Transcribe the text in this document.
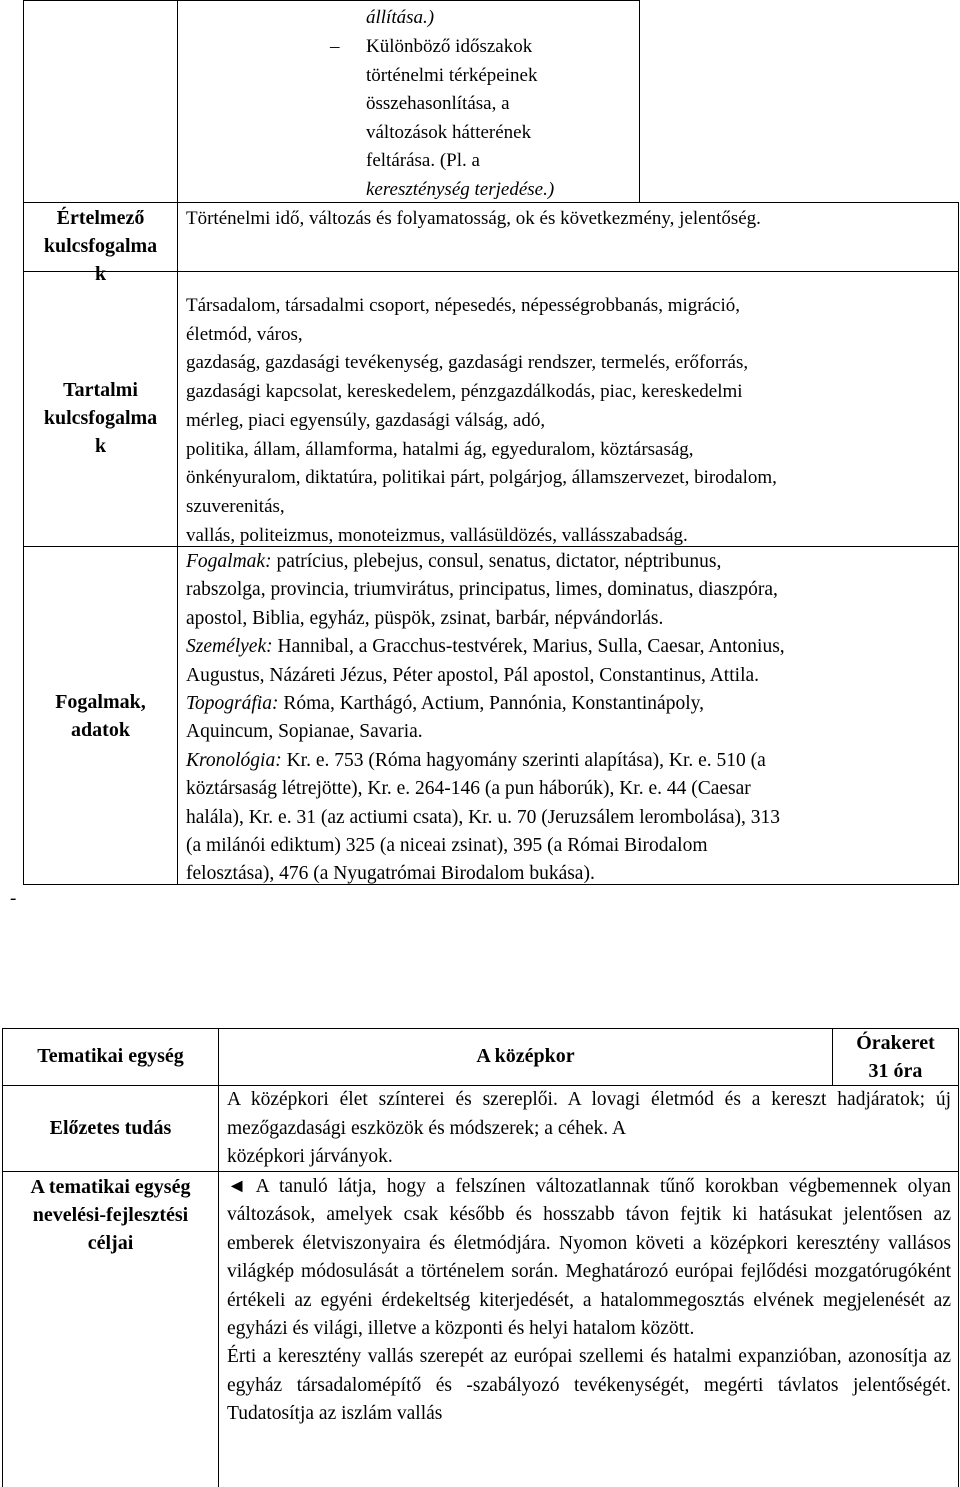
állítása.)
– Különböző időszakok
történelmi térképeinek
összehasonlítása, a
változások hátterének
feltárása. (Pl. a
kereszténység terjedése.)
Értelmező
kulcsfogalma
k
Történelmi idő, változás és folyamatosság, ok és következmény, jelentőség.
Tartalmi
kulcsfogalma
k
Társadalom, társadalmi csoport, népesedés, népességrobbanás, migráció,
életmód, város,
gazdaság, gazdasági tevékenység, gazdasági rendszer, termelés, erőforrás,
gazdasági kapcsolat, kereskedelem, pénzgazdálkodás, piac, kereskedelmi
mérleg, piaci egyensúly, gazdasági válság, adó,
politika, állam, államforma, hatalmi ág, egyeduralom, köztársaság,
önkényuralom, diktatúra, politikai párt, polgárjog, államszervezet, birodalom,
szuverenitás,
vallás, politeizmus, monoteizmus, vallásüldözés, vallásszabadság.
Fogalmak,
adatok
Fogalmak: patrícius, plebejus, consul, senatus, dictator, néptribunus,
rabszolga, provincia, triumvirátus, principatus, limes, dominatus, diaszpóra,
apostol, Biblia, egyház, püspök, zsinat, barbár, népvándorlás.
Személyek: Hannibal, a Gracchus-testvérek, Marius, Sulla, Caesar, Antonius,
Augustus, Názáreti Jézus, Péter apostol, Pál apostol, Constantinus, Attila.
Topográfia: Róma, Karthágó, Actium, Pannónia, Konstantinápoly,
Aquincum, Sopianae, Savaria.
Kronológia: Kr. e. 753 (Róma hagyomány szerinti alapítása), Kr. e. 510 (a
köztársaság létrejötte), Kr. e. 264-146 (a pun háborúk), Kr. e. 44 (Caesar
halála), Kr. e. 31 (az actiumi csata), Kr. u. 70 (Jeruzsálem lerombolása), 313
(a milánói ediktum) 325 (a niceai zsinat), 395 (a Római Birodalom
felosztása), 476 (a Nyugatrómai Birodalom bukása).
-
Tematikai egység	A középkor
Órakeret
31 óra
Előzetes tudás

A középkori élet színterei és szereplői. A lovagi életmód és a kereszt hadjáratok; új mezőgazdasági eszközök és módszerek; a céhek. A

középkori járványok.

A tematikai egység
nevelési-fejlesztési
céljai

◄ A tanuló látja, hogy a felszínen változatlannak tűnő korokban végbemennek olyan változások, amelyek csak később és hosszabb távon fejtik ki hatásukat jelentősen az emberek életviszonyaira és életmódjára. Nyomon követi a középkori keresztény vallásos világkép módosulását a történelem során. Meghatározó európai fejlődési mozgatórugóként értékeli az egyéni érdekeltség kiterjedését, a hatalommegosztás elvének megjelenését az egyházi és világi, illetve a központi és helyi hatalom között.

Érti a keresztény vallás szerepét az európai szellemi és hatalmi expanzióban, azonosítja az egyház társadalomépítő és -szabályozó tevékenységét, megérti távlatos jelentőségét. Tudatosítja az iszlám vallás
